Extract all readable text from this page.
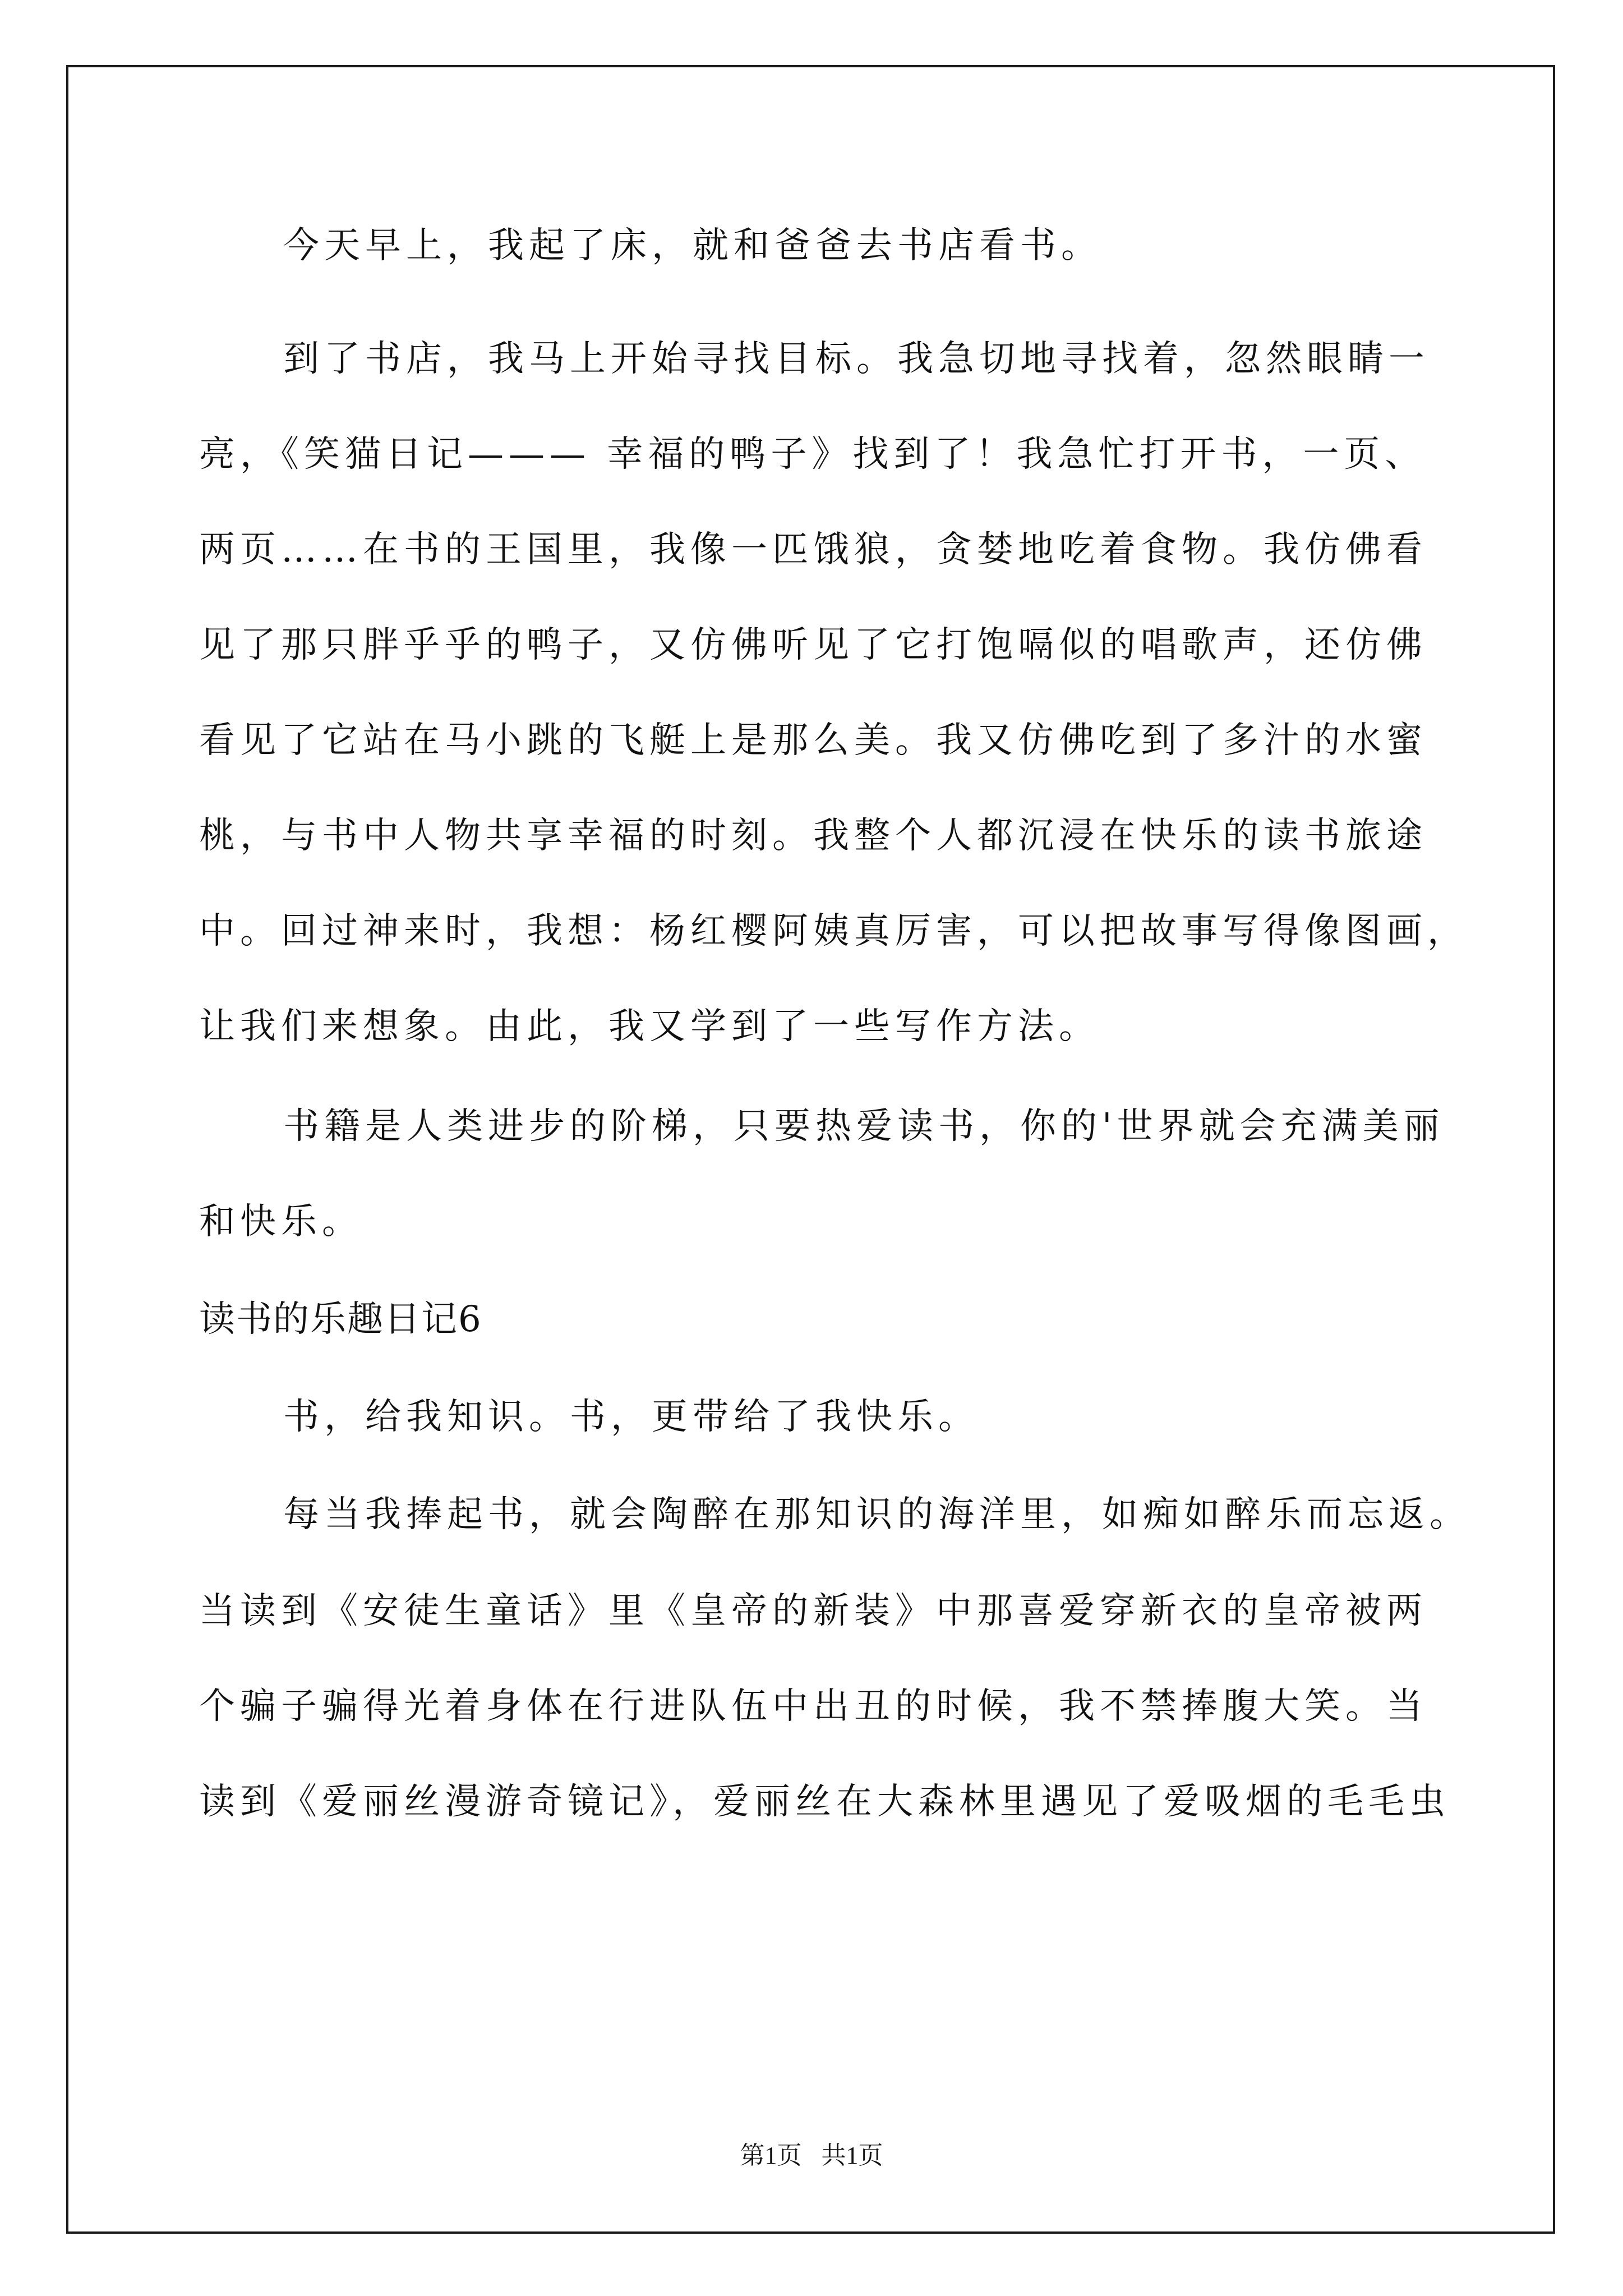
今天早上，我起了床，就和爸爸去书店看书。
到了书店，我马上开始寻找目标。我急切地寻找着，忽然眼睛一
亮，《笑猫日记——— 幸福的鸭子》找到了！我急忙打开书，一页、
两页……在书的王国里，我像一匹饿狼，贪婪地吃着食物。我仿佛看
见了那只胖乎乎的鸭子，又仿佛听见了它打饱嗝似的唱歌声，还仿佛
看见了它站在马小跳的飞艇上是那么美。我又仿佛吃到了多汁的水蜜
桃，与书中人物共享幸福的时刻。我整个人都沉浸在快乐的读书旅途
中。回过神来时，我想：杨红樱阿姨真厉害，可以把故事写得像图画，
让我们来想象。由此，我又学到了一些写作方法。
书籍是人类进步的阶梯，只要热爱读书，你的'世界就会充满美丽
和快乐。
读书的乐趣日记6
书，给我知识。书，更带给了我快乐。
每当我捧起书，就会陶醉在那知识的海洋里，如痴如醉乐而忘返。
当读到《安徒生童话》里《皇帝的新装》中那喜爱穿新衣的皇帝被两
个骗子骗得光着身体在行进队伍中出丑的时候，我不禁捧腹大笑。当
读到《爱丽丝漫游奇镜记》，爱丽丝在大森林里遇见了爱吸烟的毛毛虫
第1页 共1页
